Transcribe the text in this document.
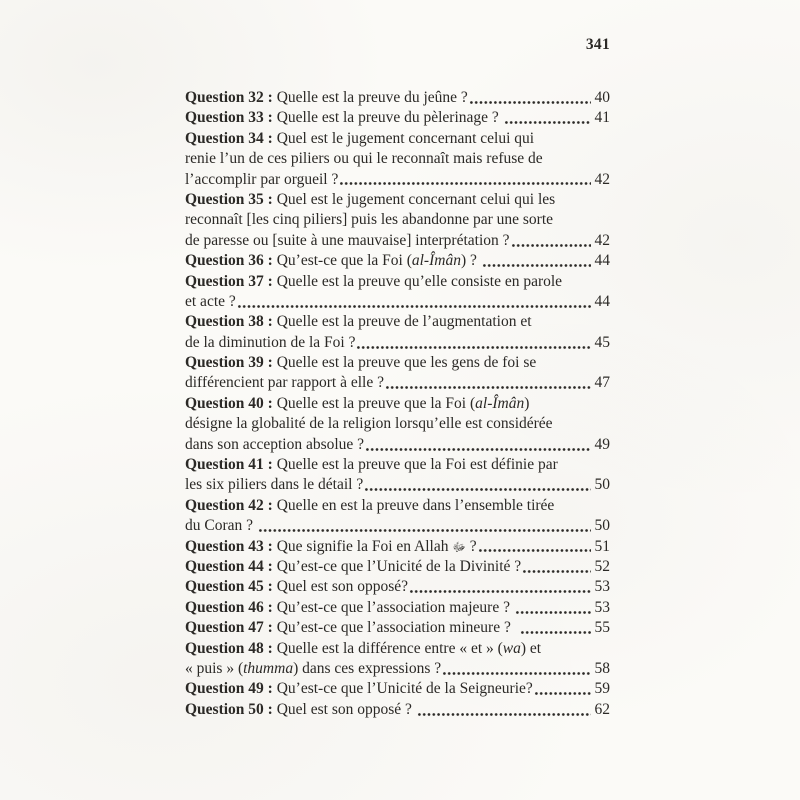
341
Question 32 : Quelle est la preuve du jeûne ?	40
Question 33 : Quelle est la preuve du pèlerinage ?	41
Question 34 : Quel est le jugement concernant celui qui
renie l’un de ces piliers ou qui le reconnaît mais refuse de
l’accomplir par orgueil ?	42
Question 35 : Quel est le jugement concernant celui qui les
reconnaît [les cinq piliers] puis les abandonne par une sorte
de paresse ou [suite à une mauvaise] interprétation ?	42
Question 36 : Qu’est-ce que la Foi (al-Îmân) ?	44
Question 37 : Quelle est la preuve qu’elle consiste en parole
et acte ?	44
Question 38 : Quelle est la preuve de l’augmentation et
de la diminution de la Foi ?	45
Question 39 : Quelle est la preuve que les gens de foi se
différencient par rapport à elle ?	47
Question 40 : Quelle est la preuve que la Foi (al-Îmân)
désigne la globalité de la religion lorsqu’elle est considérée
dans son acception absolue ?	49
Question 41 : Quelle est la preuve que la Foi est définie par
les six piliers dans le détail ?	50
Question 42 : Quelle en est la preuve dans l’ensemble tirée
du Coran ?	50
Question 43 : Que signifie la Foi en Allah ﷻ ?	51
Question 44 : Qu’est-ce que l’Unicité de la Divinité ?	52
Question 45 : Quel est son opposé?	53
Question 46 : Qu’est-ce que l’association majeure ?	53
Question 47 : Qu’est-ce que l’association mineure ?	55
Question 48 : Quelle est la différence entre « et » (wa) et
« puis » (thumma) dans ces expressions ?	58
Question 49 : Qu’est-ce que l’Unicité de la Seigneurie?	59
Question 50 : Quel est son opposé ?	62
